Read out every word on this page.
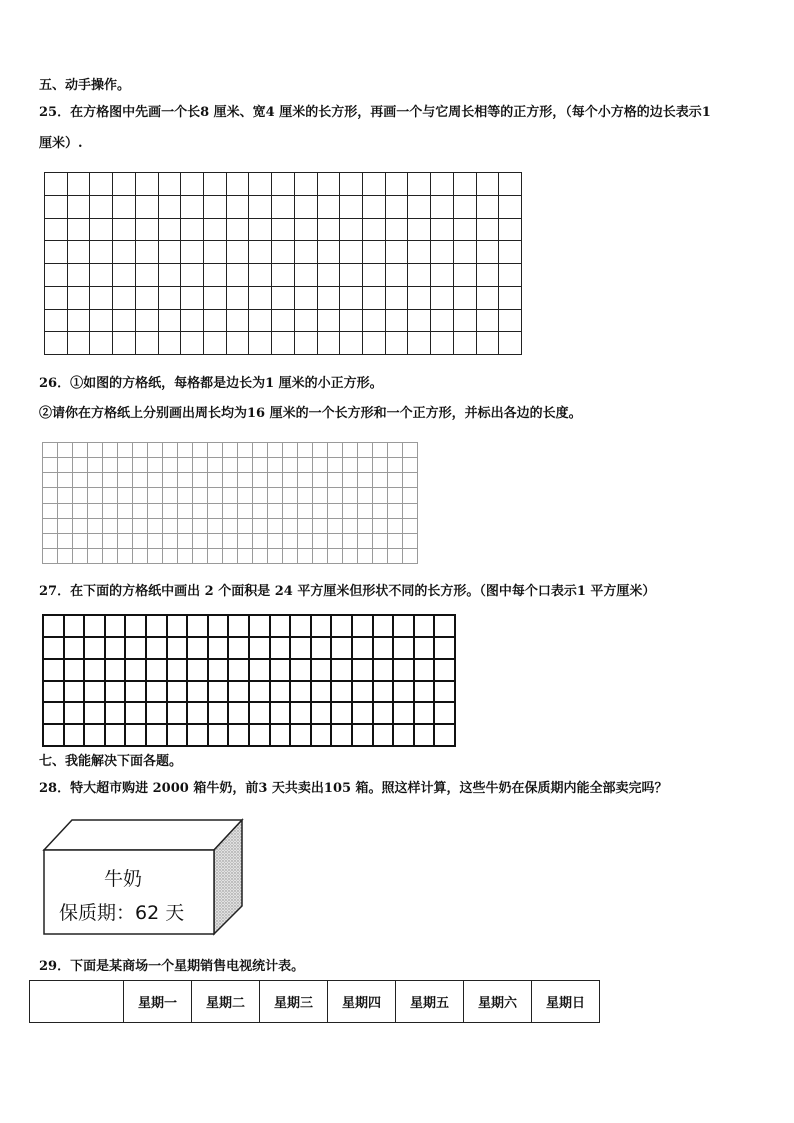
五、动手操作。
25．在方格图中先画一个长8 厘米、宽4 厘米的长方形，再画一个与它周长相等的正方形，（每个小方格的边长表示1
厘米）.
26．①如图的方格纸，每格都是边长为1 厘米的小正方形。
②请你在方格纸上分别画出周长均为16 厘米的一个长方形和一个正方形，并标出各边的长度。
27．在下面的方格纸中画出 2 个面积是 24 平方厘米但形状不同的长方形。（图中每个口表示1 平方厘米）
七、我能解决下面各题。
28．特大超市购进 2000 箱牛奶，前3 天共卖出105 箱。照这样计算，这些牛奶在保质期内能全部卖完吗？
牛奶
保质期：62 天
29．下面是某商场一个星期销售电视统计表。
	星期一	星期二	星期三	星期四	星期五	星期六	星期日
